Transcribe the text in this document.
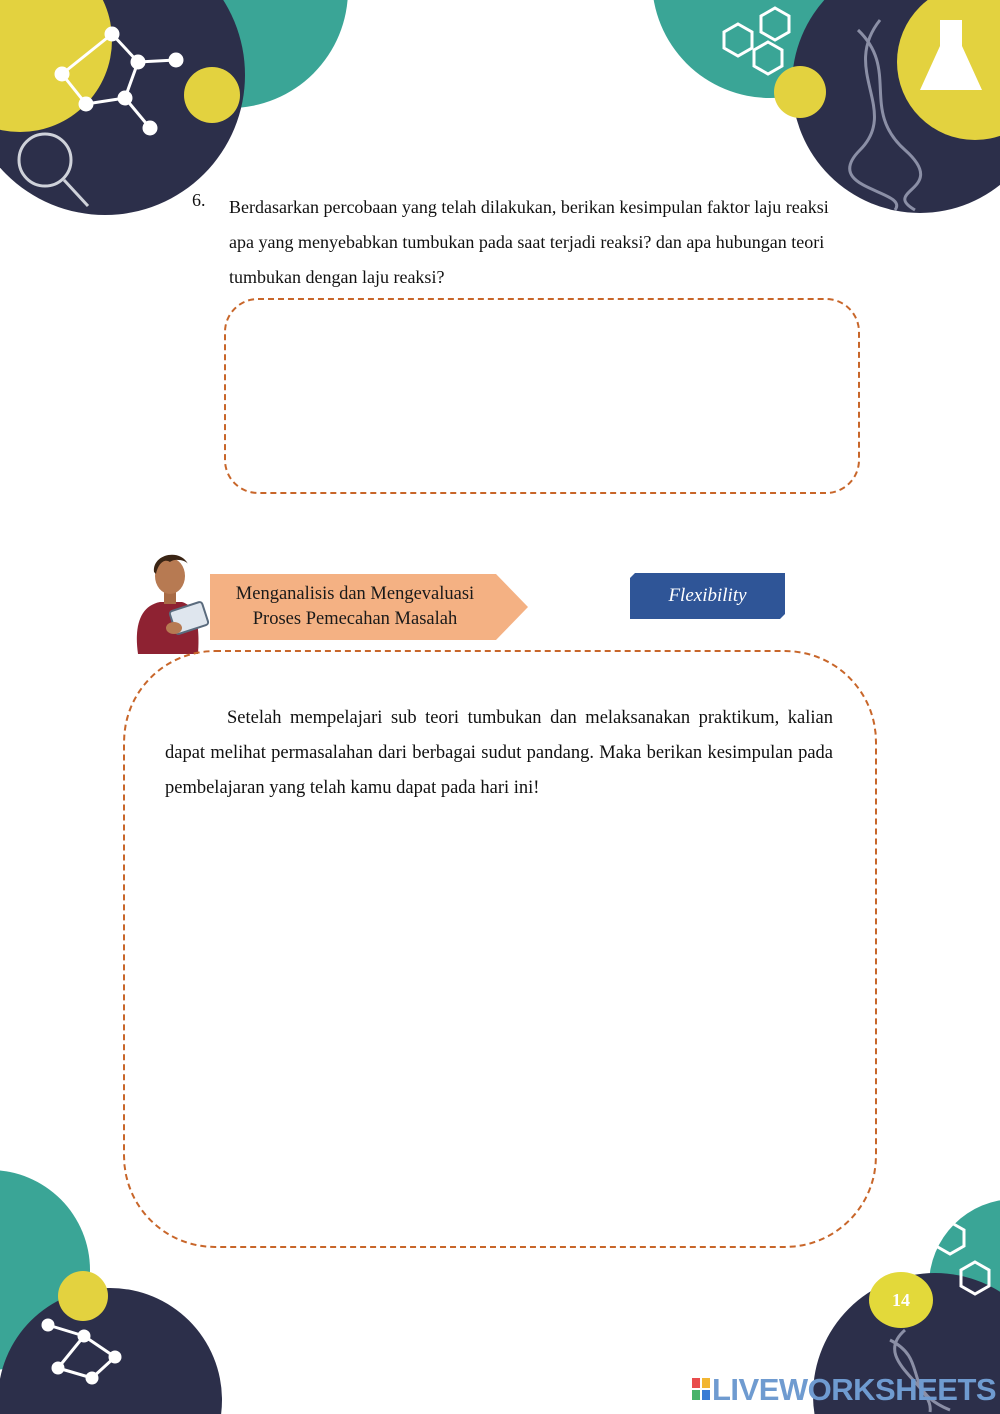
6. Berdasarkan percobaan yang telah dilakukan, berikan kesimpulan faktor laju reaksi apa yang menyebabkan tumbukan pada saat terjadi reaksi? dan apa hubungan teori tumbukan dengan laju reaksi?
Menganalisis dan Mengevaluasi Proses Pemecahan Masalah
Flexibility
Setelah mempelajari sub teori tumbukan dan melaksanakan praktikum, kalian dapat melihat permasalahan dari berbagai sudut pandang. Maka berikan kesimpulan pada pembelajaran yang telah kamu dapat pada hari ini!
14
LIVEWORKSHEETS
